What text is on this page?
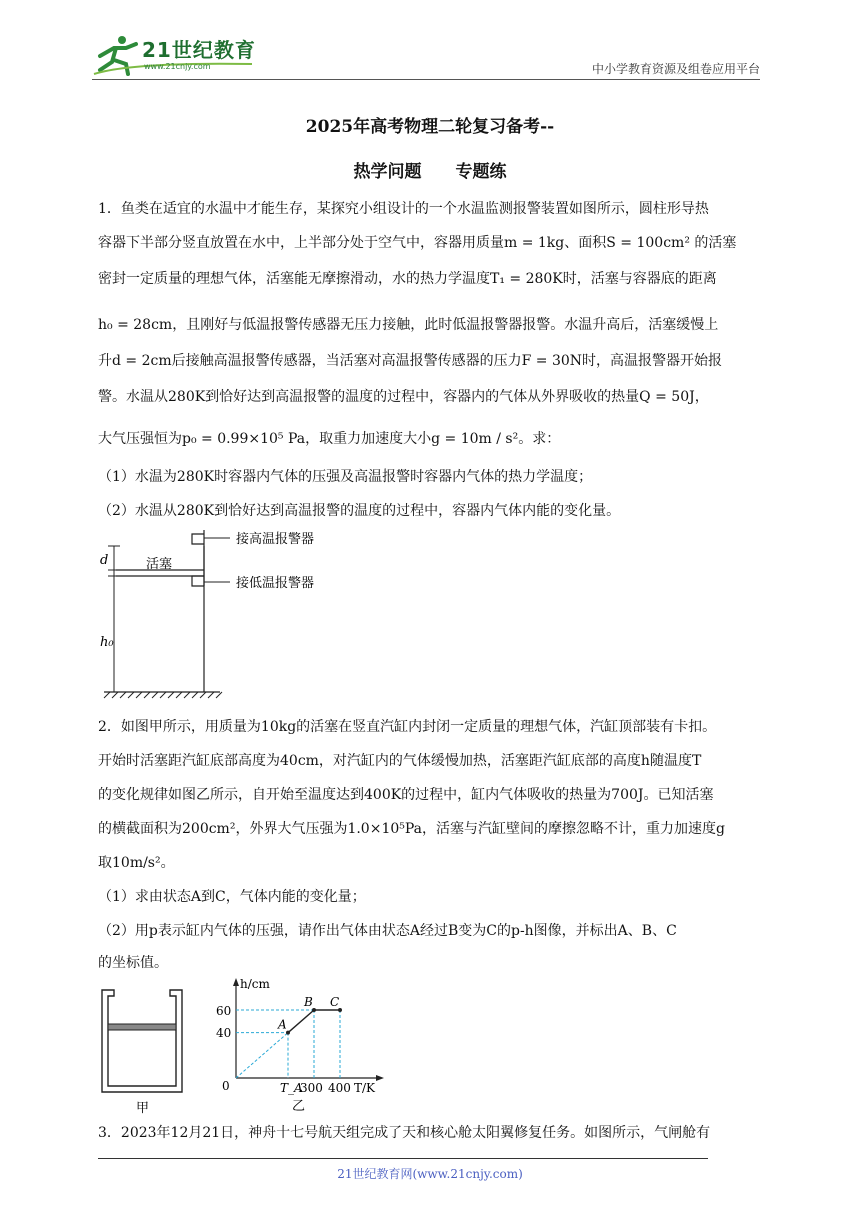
21世纪教育
www.21cnjy.com	中小学教育资源及组卷应用平台
2025年高考物理二轮复习备考--
热学问题　　专题练
1．鱼类在适宜的水温中才能生存，某探究小组设计的一个水温监测报警装置如图所示，圆柱形导热
容器下半部分竖直放置在水中，上半部分处于空气中，容器用质量m = 1kg、面积S = 100cm² 的活塞
密封一定质量的理想气体，活塞能无摩擦滑动，水的热力学温度T₁ = 280K时，活塞与容器底的距离
h₀ = 28cm，且刚好与低温报警传感器无压力接触，此时低温报警器报警。水温升高后，活塞缓慢上
升d = 2cm后接触高温报警传感器，当活塞对高温报警传感器的压力F = 30N时，高温报警器开始报
警。水温从280K到恰好达到高温报警的温度的过程中，容器内的气体从外界吸收的热量Q = 50J，
大气压强恒为p₀ = 0.99×10⁵ Pa，取重力加速度大小g = 10m / s²。求：
（1）水温为280K时容器内气体的压强及高温报警时容器内气体的热力学温度；
（2）水温从280K到恰好达到高温报警的温度的过程中，容器内气体内能的变化量。
d
h₀
活塞
接高温报警器
接低温报警器
2．如图甲所示，用质量为10kg的活塞在竖直汽缸内封闭一定质量的理想气体，汽缸顶部装有卡扣。
开始时活塞距汽缸底部高度为40cm，对汽缸内的气体缓慢加热，活塞距汽缸底部的高度h随温度T
的变化规律如图乙所示，自开始至温度达到400K的过程中，缸内气体吸收的热量为700J。已知活塞
的横截面积为200cm²，外界大气压强为1.0×10⁵Pa，活塞与汽缸壁间的摩擦忽略不计，重力加速度g
取10m/s²。
（1）求由状态A到C，气体内能的变化量；
（2）用p表示缸内气体的压强，请作出气体由状态A经过B变为C的p-h图像，并标出A、B、C
的坐标值。
甲
h/cm
T/K
0
40
60
T_A
300 400
A
B C
乙
3．2023年12月21日，神舟十七号航天组完成了天和核心舱太阳翼修复任务。如图所示，气闸舱有
21世纪教育网(www.21cnjy.com)
